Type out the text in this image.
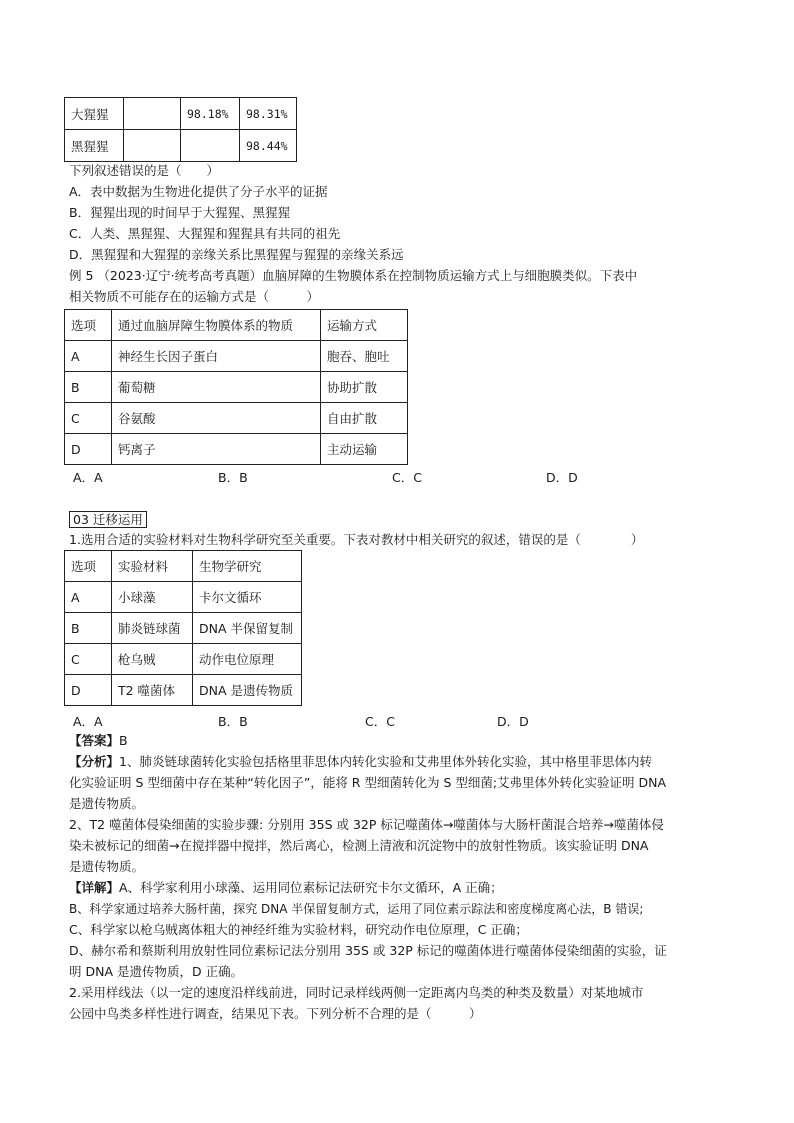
大猩猩		98.18%	98.31%
黑猩猩			98.44%
下列叙述错误的是（　　）
A．表中数据为生物进化提供了分子水平的证据
B．猩猩出现的时间早于大猩猩、黑猩猩
C．人类、黑猩猩、大猩猩和猩猩具有共同的祖先
D．黑猩猩和大猩猩的亲缘关系比黑猩猩与猩猩的亲缘关系远
例 5 （2023·辽宁·统考高考真题）血脑屏障的生物膜体系在控制物质运输方式上与细胞膜类似。下表中
相关物质不可能存在的运输方式是（　　　）
选项	通过血脑屏障生物膜体系的物质	运输方式
A	神经生长因子蛋白	胞吞、胞吐
B	葡萄糖	协助扩散
C	谷氨酸	自由扩散
D	钙离子	主动运输
A．A	B．B	C．C	D．D
03 迁移运用
1.选用合适的实验材料对生物科学研究至关重要。下表对教材中相关研究的叙述，错误的是（　　　　）
选项	实验材料	生物学研究
A	小球藻	卡尔文循环
B	肺炎链球菌	DNA 半保留复制
C	枪乌贼	动作电位原理
D	T2 噬菌体	DNA 是遗传物质
A．A	B．B	C．C	D．D
【答案】B
【分析】1、肺炎链球菌转化实验包括格里菲思体内转化实验和艾弗里体外转化实验，其中格里菲思体内转
化实验证明 S 型细菌中存在某种“转化因子”，能将 R 型细菌转化为 S 型细菌;艾弗里体外转化实验证明 DNA
是遗传物质。
2、T2 噬菌体侵染细菌的实验步骤: 分别用 35S 或 32P 标记噬菌体→噬菌体与大肠杆菌混合培养→噬菌体侵
染未被标记的细菌→在搅拌器中搅拌，然后离心，检测上清液和沉淀物中的放射性物质。该实验证明 DNA
是遗传物质。
【详解】A、科学家利用小球藻、运用同位素标记法研究卡尔文循环，A 正确；
B、科学家通过培养大肠杆菌，探究 DNA 半保留复制方式，运用了同位素示踪法和密度梯度离心法，B 错误;
C、科学家以枪乌贼离体粗大的神经纤维为实验材料，研究动作电位原理，C 正确；
D、赫尔希和蔡斯利用放射性同位素标记法分别用 35S 或 32P 标记的噬菌体进行噬菌体侵染细菌的实验，证
明 DNA 是遗传物质，D 正确。
2.采用样线法（以一定的速度沿样线前进，同时记录样线两侧一定距离内鸟类的种类及数量）对某地城市
公园中鸟类多样性进行调查，结果见下表。下列分析不合理的是（　　　）
